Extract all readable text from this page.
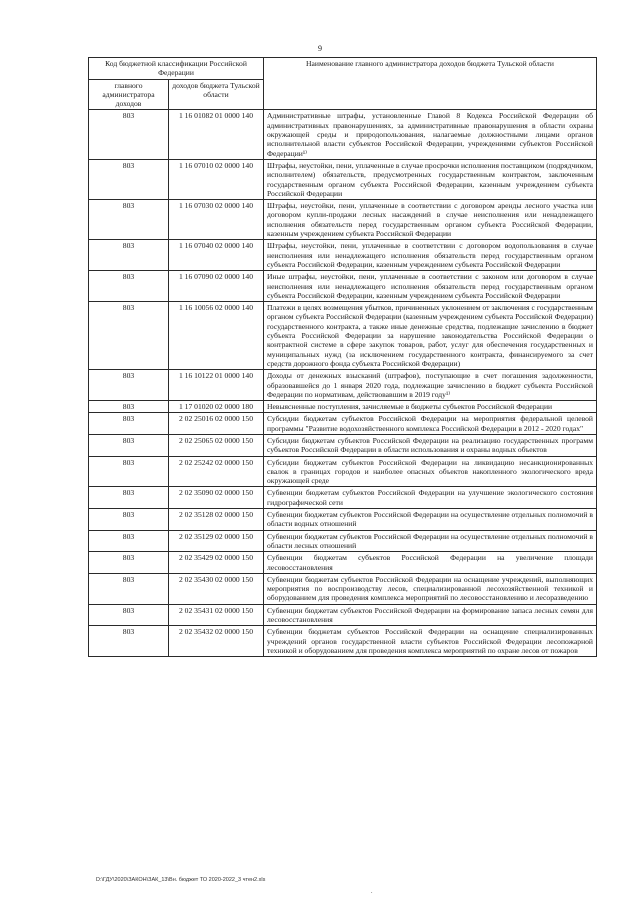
9
Код бюджетной классификации Российской Федерации		Наименование главного администратора доходов бюджета Тульской области
главного администратора доходов	доходов бюджета Тульской области	
803	1 16 01082 01 0000 140	Административные штрафы, установленные Главой 8 Кодекса Российской Федерации об административных правонарушениях, за административные правонарушения в области охраны окружающей среды и природопользования, налагаемые должностными лицами органов исполнительной власти субъектов Российской Федерации, учреждениями субъектов Российской Федерации¹⁾
803	1 16 07010 02 0000 140	Штрафы, неустойки, пени, уплаченные в случае просрочки исполнения поставщиком (подрядчиком, исполнителем) обязательств, предусмотренных государственным контрактом, заключенным государственным органом субъекта Российской Федерации, казенным учреждением субъекта Российской Федерации
803	1 16 07030 02 0000 140	Штрафы, неустойки, пени, уплаченные в соответствии с договором аренды лесного участка или договором купли-продажи лесных насаждений в случае неисполнения или ненадлежащего исполнения обязательств перед государственным органом субъекта Российской Федерации, казенным учреждением субъекта Российской Федерации
803	1 16 07040 02 0000 140	Штрафы, неустойки, пени, уплаченные в соответствии с договором водопользования в случае неисполнения или ненадлежащего исполнения обязательств перед государственным органом субъекта Российской Федерации, казенным учреждением субъекта Российской Федерации
803	1 16 07090 02 0000 140	Иные штрафы, неустойки, пени, уплаченные в соответствии с законом или договором в случае неисполнения или ненадлежащего исполнения обязательств перед государственным органом субъекта Российской Федерации, казенным учреждением субъекта Российской Федерации
803	1 16 10056 02 0000 140	Платежи в целях возмещения убытков, причиненных уклонением от заключения с государственным органом субъекта Российской Федерации (казенным учреждением субъекта Российской Федерации) государственного контракта, а также иные денежные средства, подлежащие зачислению в бюджет субъекта Российской Федерации за нарушение законодательства Российской Федерации о контрактной системе в сфере закупок товаров, работ, услуг для обеспечения государственных и муниципальных нужд (за исключением государственного контракта, финансируемого за счет средств дорожного фонда субъекта Российской Федерации)
803	1 16 10122 01 0000 140	Доходы от денежных взысканий (штрафов), поступающие в счет погашения задолженности, образовавшейся до 1 января 2020 года, подлежащие зачислению в бюджет субъекта Российской Федерации по нормативам, действовавшим в 2019 году¹⁾
803	1 17 01020 02 0000 180	Невыясненные поступления, зачисляемые в бюджеты субъектов Российской Федерации
803	2 02 25016 02 0000 150	Субсидии бюджетам субъектов Российской Федерации на мероприятия федеральной целевой программы "Развитие водохозяйственного комплекса Российской Федерации в 2012 - 2020 годах"
803	2 02 25065 02 0000 150	Субсидии бюджетам субъектов Российской Федерации на реализацию государственных программ субъектов Российской Федерации в области использования и охраны водных объектов
803	2 02 25242 02 0000 150	Субсидии бюджетам субъектов Российской Федерации на ликвидацию несанкционированных свалок в границах городов и наиболее опасных объектов накопленного экологического вреда окружающей среде
803	2 02 35090 02 0000 150	Субвенции бюджетам субъектов Российской Федерации на улучшение экологического состояния гидрографической сети
803	2 02 35128 02 0000 150	Субвенции бюджетам субъектов Российской Федерации на осуществление отдельных полномочий в области водных отношений
803	2 02 35129 02 0000 150	Субвенции бюджетам субъектов Российской Федерации на осуществление отдельных полномочий в области лесных отношений
803	2 02 35429 02 0000 150	Субвенции бюджетам субъектов Российской Федерации на увеличение площади лесовосстановления
803	2 02 35430 02 0000 150	Субвенции бюджетам субъектов Российской Федерации на оснащение учреждений, выполняющих мероприятия по воспроизводству лесов, специализированной лесохозяйственной техникой и оборудованием для проведения комплекса мероприятий по лесовосстановлению и лесоразведению
803	2 02 35431 02 0000 150	Субвенции бюджетам субъектов Российской Федерации на формирование запаса лесных семян для лесовосстановления
803	2 02 35432 02 0000 150	Субвенции бюджетам субъектов Российской Федерации на оснащение специализированных учреждений органов государственной власти субъектов Российской Федерации лесопожарной техникой и оборудованием для проведения комплекса мероприятий по охране лесов от пожаров
D:\ГДУ\2020\ЗАКОН\ЗАК_13\Вн. бюджет ТО 2020-2022_3 чтен2.xls
.
